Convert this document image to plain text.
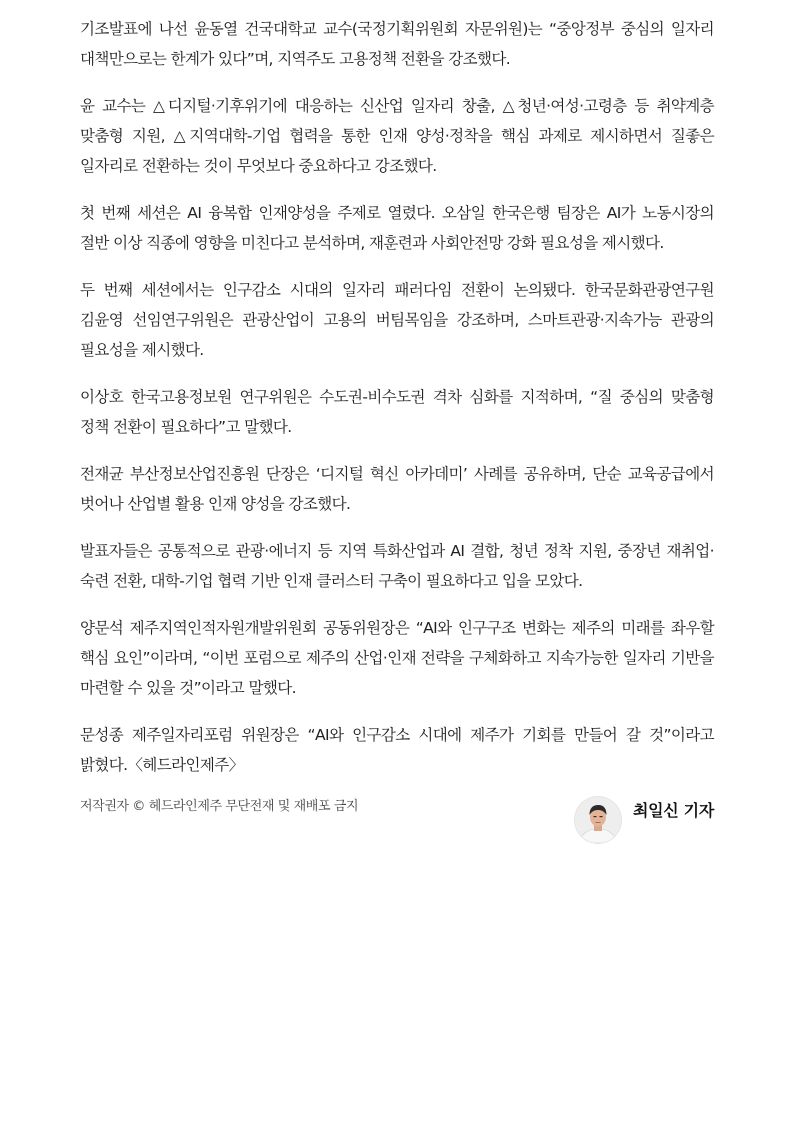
기조발표에 나선 윤동열 건국대학교 교수(국정기획위원회 자문위원)는 “중앙정부 중심의 일자리 대책만으로는 한계가 있다”며, 지역주도 고용정책 전환을 강조했다.

윤 교수는 △디지털·기후위기에 대응하는 신산업 일자리 창출, △청년·여성·고령층 등 취약계층 맞춤형 지원, △지역대학-기업 협력을 통한 인재 양성·정착을 핵심 과제로 제시하면서 질좋은 일자리로 전환하는 것이 무엇보다 중요하다고 강조했다.

첫 번째 세션은 AI 융복합 인재양성을 주제로 열렸다. 오삼일 한국은행 팀장은 AI가 노동시장의 절반 이상 직종에 영향을 미친다고 분석하며, 재훈련과 사회안전망 강화 필요성을 제시했다.

두 번째 세션에서는 인구감소 시대의 일자리 패러다임 전환이 논의됐다. 한국문화관광연구원 김윤영 선임연구위원은 관광산업이 고용의 버팀목임을 강조하며, 스마트관광·지속가능 관광의 필요성을 제시했다.

이상호 한국고용정보원 연구위원은 수도권-비수도권 격차 심화를 지적하며, “질 중심의 맞춤형 정책 전환이 필요하다”고 말했다.

전재균 부산정보산업진흥원 단장은 ‘디지털 혁신 아카데미’ 사례를 공유하며, 단순 교육공급에서 벗어나 산업별 활용 인재 양성을 강조했다.

발표자들은 공통적으로 관광·에너지 등 지역 특화산업과 AI 결합, 청년 정착 지원, 중장년 재취업·숙련 전환, 대학-기업 협력 기반 인재 클러스터 구축이 필요하다고 입을 모았다.

양문석 제주지역인적자원개발위원회 공동위원장은 “AI와 인구구조 변화는 제주의 미래를 좌우할 핵심 요인”이라며, “이번 포럼으로 제주의 산업·인재 전략을 구체화하고 지속가능한 일자리 기반을 마련할 수 있을 것”이라고 말했다.

문성종 제주일자리포럼 위원장은 “AI와 인구감소 시대에 제주가 기회를 만들어 갈 것”이라고 밝혔다.〈헤드라인제주〉

저작권자 © 헤드라인제주 무단전재 및 재배포 금지	최일신 기자
